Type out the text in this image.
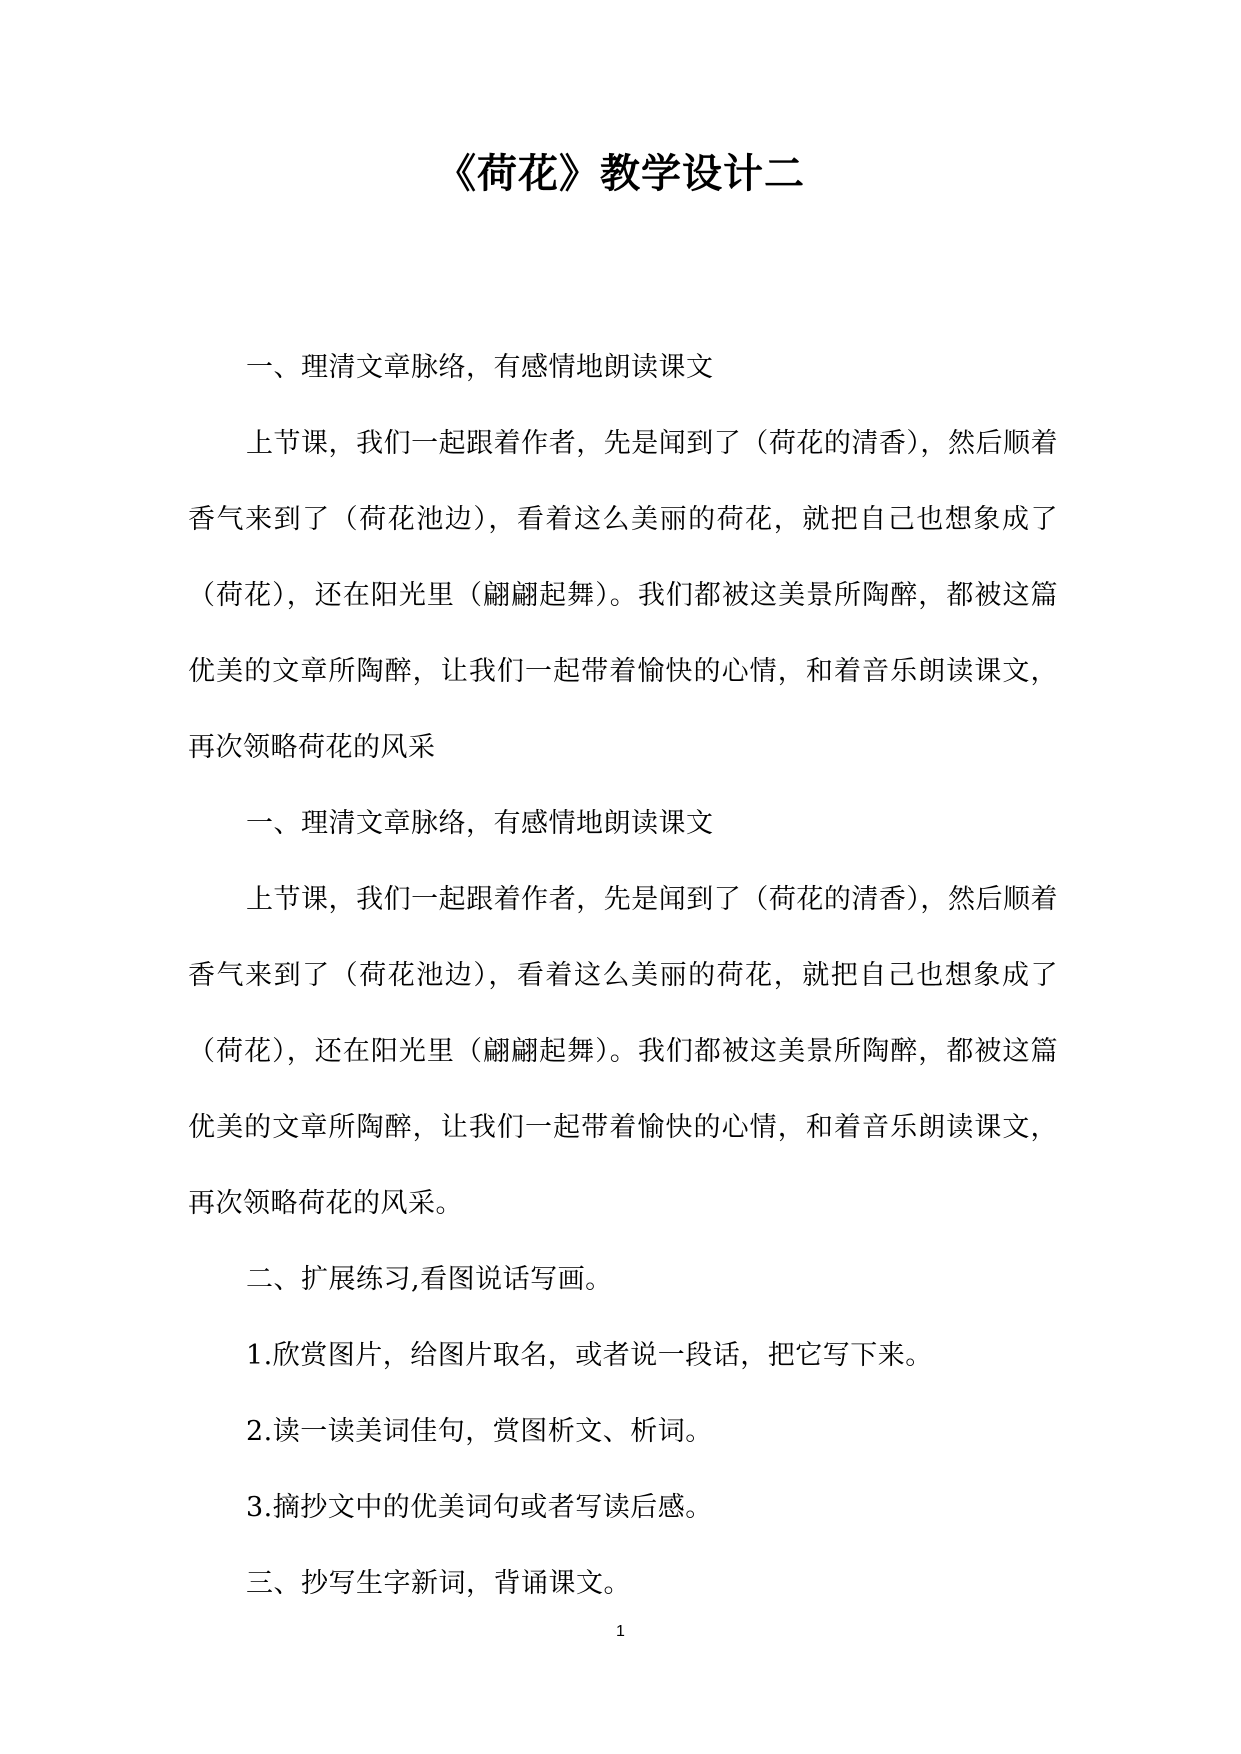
《荷花》教学设计二

一、理清文章脉络，有感情地朗读课文

上节课，我们一起跟着作者，先是闻到了（荷花的清香），然后顺着香气来到了（荷花池边），看着这么美丽的荷花，就把自己也想象成了（荷花），还在阳光里（翩翩起舞）。我们都被这美景所陶醉，都被这篇优美的文章所陶醉，让我们一起带着愉快的心情，和着音乐朗读课文，再次领略荷花的风采

一、理清文章脉络，有感情地朗读课文

上节课，我们一起跟着作者，先是闻到了（荷花的清香），然后顺着香气来到了（荷花池边），看着这么美丽的荷花，就把自己也想象成了（荷花），还在阳光里（翩翩起舞）。我们都被这美景所陶醉，都被这篇优美的文章所陶醉，让我们一起带着愉快的心情，和着音乐朗读课文，再次领略荷花的风采。

二、扩展练习,看图说话写画。

1.欣赏图片，给图片取名，或者说一段话，把它写下来。

2.读一读美词佳句，赏图析文、析词。

3.摘抄文中的优美词句或者写读后感。

三、抄写生字新词，背诵课文。

1
